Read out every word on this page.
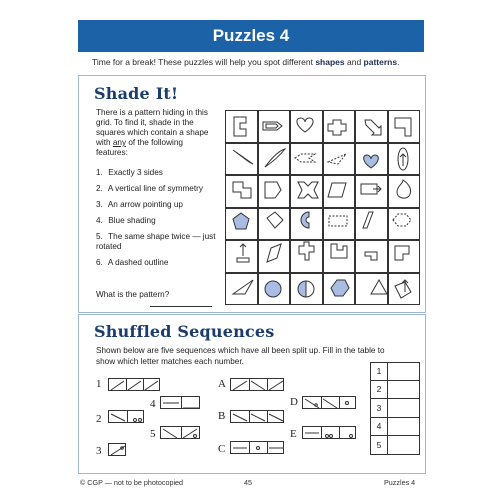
Puzzles 4
Time for a break! These puzzles will help you spot different shapes and patterns.
Shade It!
There is a pattern hiding in this grid. To find it, shade in the squares which contain a shape with any of the following features:
1. Exactly 3 sides
2. A vertical line of symmetry
3. An arrow pointing up
4. Blue shading
5. The same shape twice — just rotated
6. A dashed outline
What is the pattern?
Shuffled Sequences
Shown below are five sequences which have all been split up. Fill in the table to show which letter matches each number.
1
2
3
4
5
A
B
C
D
E
1
2
3
4
5
© CGP — not to be photocopied	45	Puzzles 4
